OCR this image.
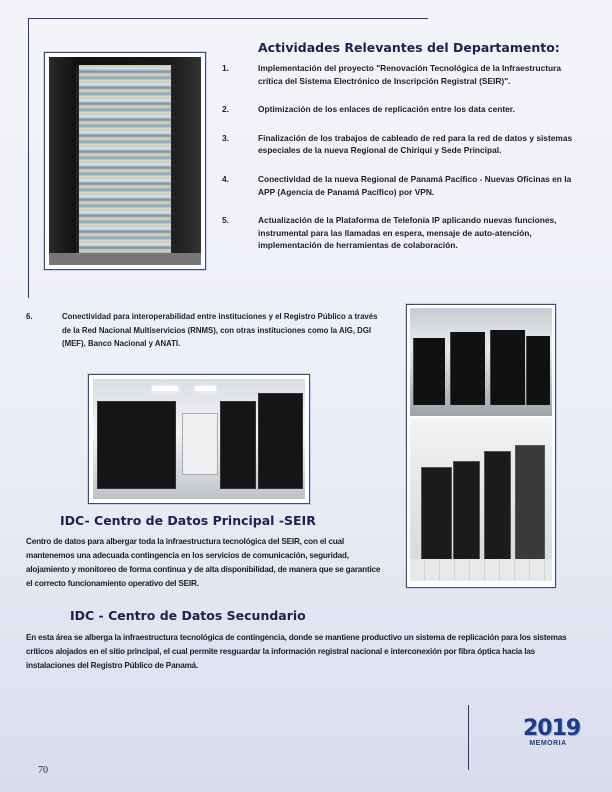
Actividades Relevantes del Departamento:
1.	Implementación del proyecto "Renovación Tecnológica de la Infraestructura crítica del Sistema Electrónico de Inscripción Registral (SEIR)".
2.	Optimización de los enlaces de replicación entre los data center.
3.	Finalización de los trabajos de cableado de red para la red de datos y sistemas especiales de la nueva Regional de Chiriquí y Sede Principal.
4.	Conectividad de la nueva Regional de Panamá Pacífico - Nuevas Oficinas en la APP (Agencia de Panamá Pacífico) por VPN.
5.	Actualización de la Plataforma de Telefonía IP aplicando nuevas funciones, instrumental para las llamadas en espera, mensaje de auto-atención, implementación de herramientas de colaboración.
6.	Conectividad para interoperabilidad entre instituciones y el Registro Público a través de la Red Nacional Multiservicios (RNMS), con otras instituciones como la AIG, DGI (MEF), Banco Nacional y ANATI.
IDC- Centro de Datos Principal -SEIR

Centro de datos para albergar toda la infraestructura tecnológica del SEIR, con el cual mantenemos una adecuada contingencia en los servicios de comunicación, seguridad, alojamiento y monitoreo de forma continua y de alta disponibilidad, de manera que se garantice el correcto funcionamiento operativo del SEIR.

IDC - Centro de Datos Secundario

En esta área se alberga la infraestructura tecnológica de contingencia, donde se mantiene productivo un sistema de replicación para los sistemas críticos alojados en el sitio principal, el cual permite resguardar la información registral nacional e interconexión por fibra óptica hacia las instalaciones del Registro Público de Panamá.

2019
MEMORIA
70
